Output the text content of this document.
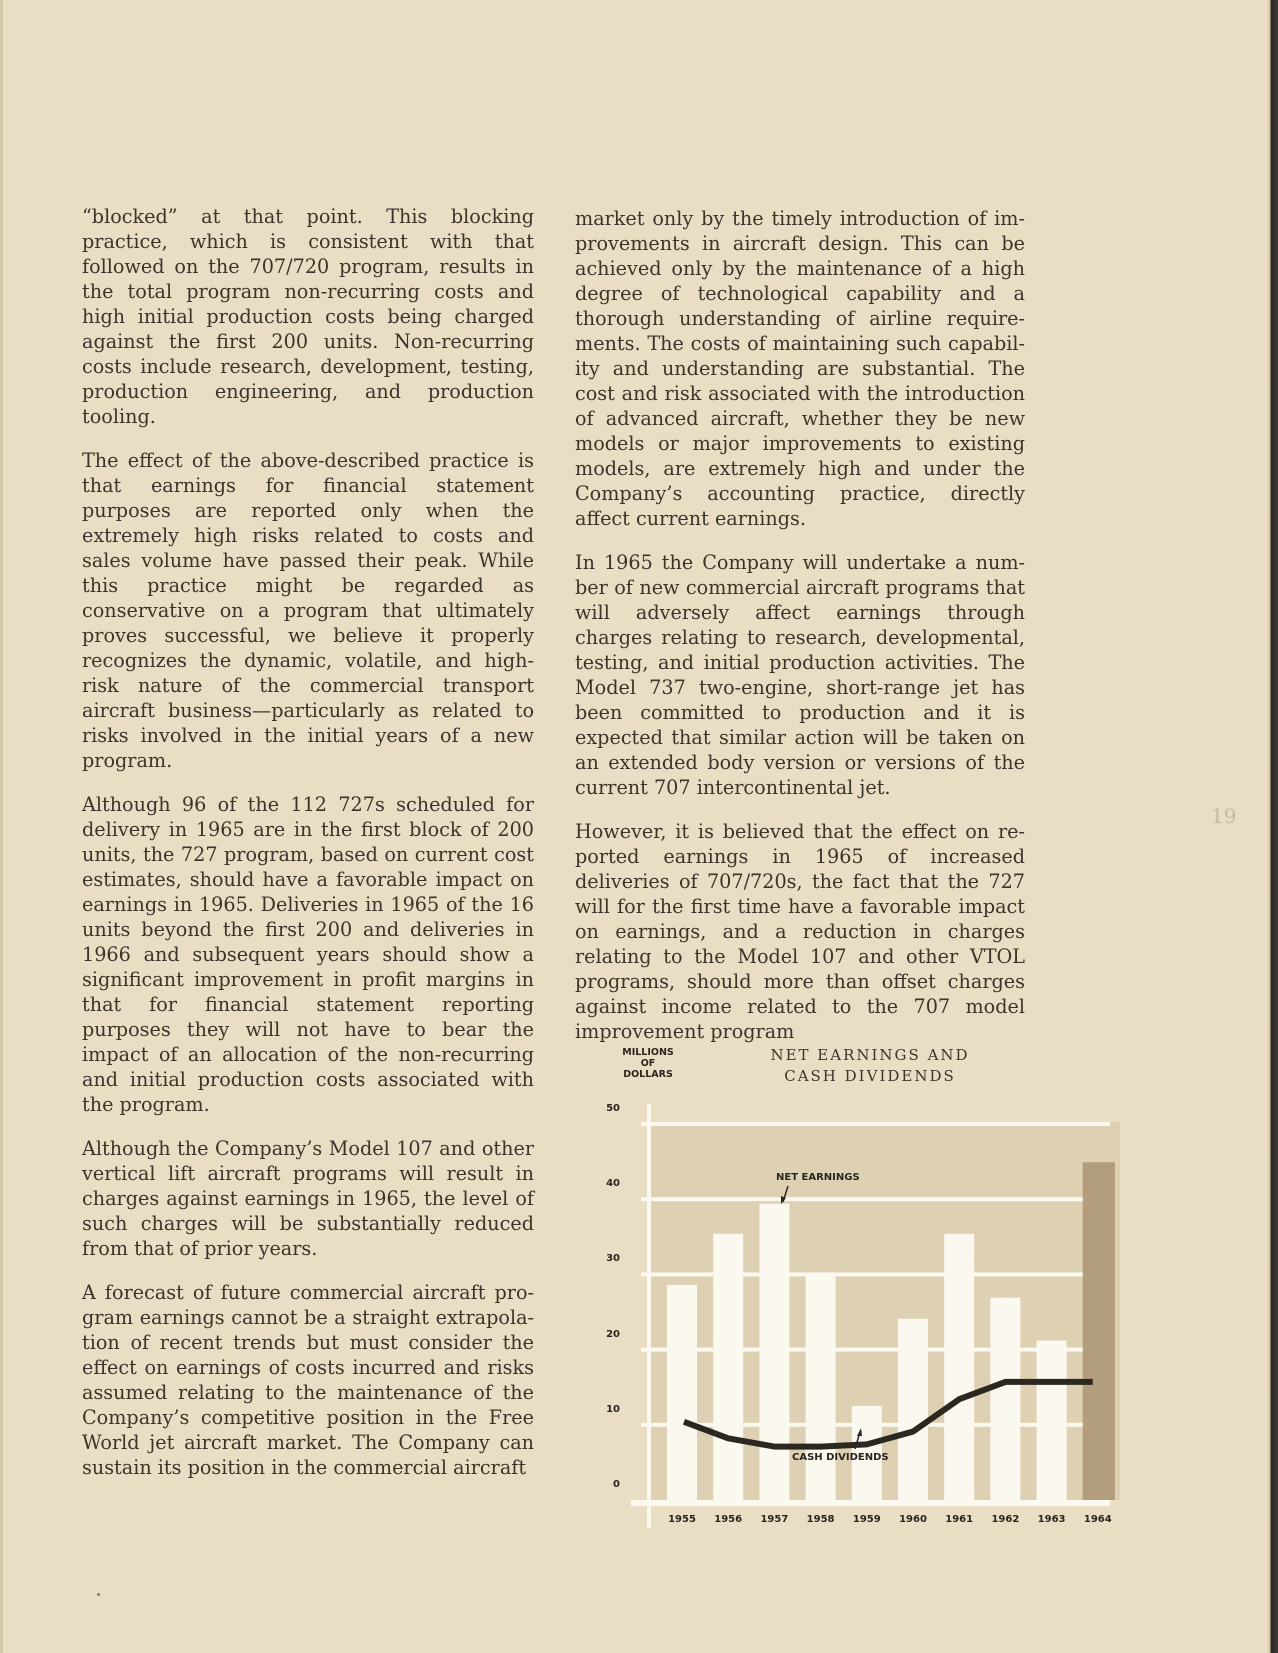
“blocked” at that point. This blocking practice, which is consistent with that followed on the 707/720 program, results in the total program non-recurring costs and high initial production costs being charged against the first 200 units. Non-recurring costs include research, development, testing, production engineering, and production tooling.

The effect of the above-described practice is that earnings for financial statement purposes are reported only when the extremely high risks related to costs and sales volume have passed their peak. While this practice might be regarded as conservative on a program that ultimately proves successful, we believe it properly recognizes the dynamic, volatile, and high-risk nature of the commercial transport aircraft business—particularly as related to risks involved in the initial years of a new program.

Although 96 of the 112 727s scheduled for delivery in 1965 are in the first block of 200 units, the 727 program, based on current cost estimates, should have a favorable impact on earnings in 1965. Deliveries in 1965 of the 16 units beyond the first 200 and deliveries in 1966 and subsequent years should show a significant improvement in profit margins in that for financial statement reporting purposes they will not have to bear the impact of an allocation of the non-recurring and initial production costs associated with the program.

Although the Company’s Model 107 and other vertical lift aircraft programs will result in charges against earnings in 1965, the level of such charges will be substantially reduced from that of prior years.

A forecast of future commercial aircraft program earnings cannot be a straight extrapolation of recent trends but must consider the effect on earnings of costs incurred and risks assumed relating to the maintenance of the Company’s competitive position in the Free World jet aircraft market. The Company can sustain its position in the commercial aircraft

market only by the timely introduction of improvements in aircraft design. This can be achieved only by the maintenance of a high degree of technological capability and a thorough understanding of airline requirements. The costs of maintaining such capability and understanding are substantial. The cost and risk associated with the introduction of advanced aircraft, whether they be new models or major improvements to existing models, are extremely high and under the Company’s accounting practice, directly affect current earnings.

In 1965 the Company will undertake a number of new commercial aircraft programs that will adversely affect earnings through charges relating to research, developmental, testing, and initial production activities. The Model 737 two-engine, short-range jet has been committed to production and it is expected that similar action will be taken on an extended body version or versions of the current 707 intercontinental jet.

However, it is believed that the effect on reported earnings in 1965 of increased deliveries of 707/720s, the fact that the 727 will for the first time have a favorable impact on earnings, and a reduction in charges relating to the Model 107 and other VTOL programs, should more than offset charges against income related to the 707 model improvement program

19
MILLIONS
OF
DOLLARS
NET EARNINGS AND
CASH DIVIDENDS
0
10
20
30
40
50
1955	1956	1957	1958	1959	1960	1961	1962	1963	1964
NET EARNINGS
CASH DIVIDENDS
